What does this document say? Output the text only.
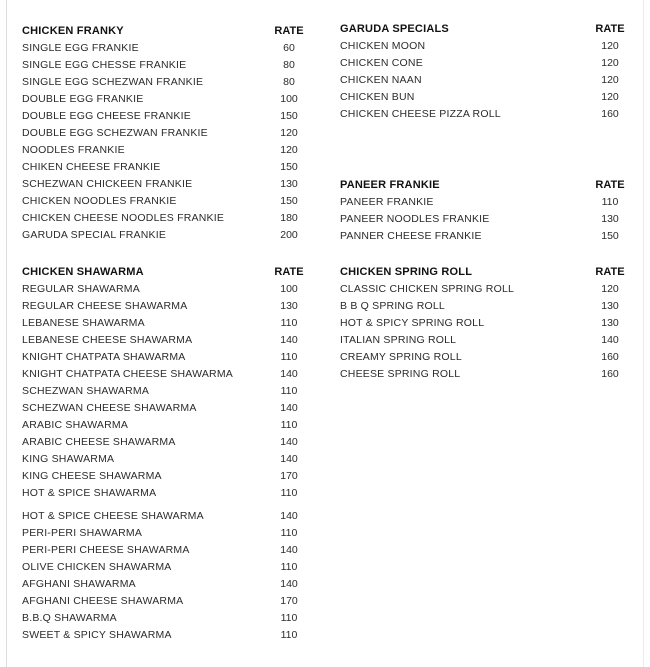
CHICKEN FRANKY	RATE
SINGLE EGG FRANKIE	60
SINGLE EGG CHESSE FRANKIE	80
SINGLE EGG SCHEZWAN FRANKIE	80
DOUBLE EGG FRANKIE	100
DOUBLE EGG CHEESE FRANKIE	150
DOUBLE EGG SCHEZWAN FRANKIE	120
NOODLES FRANKIE	120
CHIKEN CHEESE FRANKIE	150
SCHEZWAN CHICKEEN FRANKIE	130
CHICKEN NOODLES FRANKIE	150
CHICKEN CHEESE NOODLES FRANKIE	180
GARUDA SPECIAL FRANKIE	200
CHICKEN SHAWARMA	RATE
REGULAR SHAWARMA	100
REGULAR CHEESE SHAWARMA	130
LEBANESE SHAWARMA	110
LEBANESE CHEESE SHAWARMA	140
KNIGHT CHATPATA SHAWARMA	110
KNIGHT CHATPATA CHEESE SHAWARMA	140
SCHEZWAN SHAWARMA	110
SCHEZWAN CHEESE SHAWARMA	140
ARABIC SHAWARMA	110
ARABIC CHEESE SHAWARMA	140
KING SHAWARMA	140
KING CHEESE SHAWARMA	170
HOT & SPICE SHAWARMA	110
HOT & SPICE CHEESE SHAWARMA	140
PERI-PERI SHAWARMA	110
PERI-PERI CHEESE SHAWARMA	140
OLIVE CHICKEN SHAWARMA	110
AFGHANI SHAWARMA	140
AFGHANI CHEESE SHAWARMA	170
B.B.Q SHAWARMA	110
SWEET & SPICY SHAWARMA	110
GARUDA SPECIALS	RATE
CHICKEN MOON	120
CHICKEN CONE	120
CHICKEN NAAN	120
CHICKEN BUN	120
CHICKEN CHEESE PIZZA ROLL	160
PANEER FRANKIE	RATE
PANEER FRANKIE	110
PANEER NOODLES FRANKIE	130
PANNER CHEESE FRANKIE	150
CHICKEN SPRING ROLL	RATE
CLASSIC CHICKEN SPRING ROLL	120
B B Q SPRING ROLL	130
HOT & SPICY SPRING ROLL	130
ITALIAN SPRING ROLL	140
CREAMY SPRING ROLL	160
CHEESE SPRING ROLL	160
